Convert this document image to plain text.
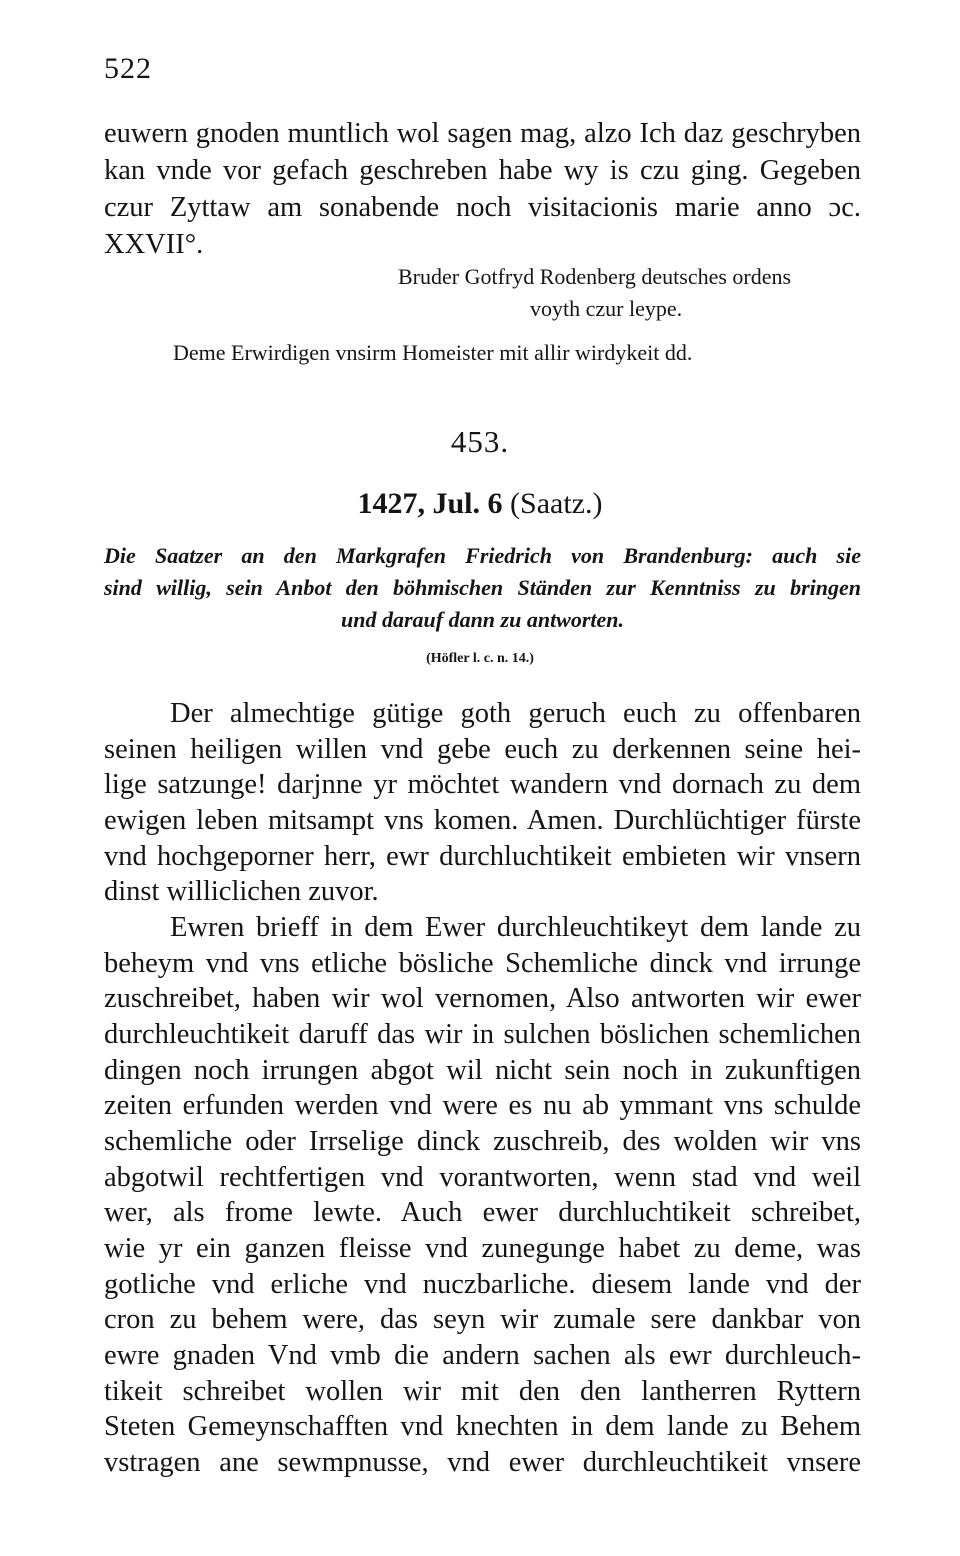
522
euwern gnoden muntlich wol sagen mag, alzo Ich daz geschryben
kan vnde vor gefach geschreben habe wy is czu ging. Gegeben
czur Zyttaw am sonabende noch visitacionis marie anno ɔc.
XXVII°.
Bruder Gotfryd Rodenberg deutsches ordens
voyth czur leype.
Deme Erwirdigen vnsirm Homeister mit allir wirdykeit dd.
453.
1427, Jul. 6 (Saatz.)
Die Saatzer an den Markgrafen Friedrich von Brandenburg: auch sie
sind willig, sein Anbot den böhmischen Ständen zur Kenntniss zu bringen
und darauf dann zu antworten.
(Höfler l. c. n. 14.)
Der almechtige gütige goth geruch euch zu offenbaren
seinen heiligen willen vnd gebe euch zu derkennen seine hei-
lige satzunge! darjnne yr möchtet wandern vnd dornach zu dem
ewigen leben mitsampt vns komen. Amen. Durchlüchtiger fürste
vnd hochgeporner herr, ewr durchluchtikeit embieten wir vnsern
dinst williclichen zuvor.
Ewren brieff in dem Ewer durchleuchtikeyt dem lande zu
beheym vnd vns etliche bösliche Schemliche dinck vnd irrunge
zuschreibet, haben wir wol vernomen, Also antworten wir ewer
durchleuchtikeit daruff das wir in sulchen böslichen schemlichen
dingen noch irrungen abgot wil nicht sein noch in zukunftigen
zeiten erfunden werden vnd were es nu ab ymmant vns schulde
schemliche oder Irrselige dinck zuschreib, des wolden wir vns
abgotwil rechtfertigen vnd vorantworten, wenn stad vnd weil
wer, als frome lewte. Auch ewer durchluchtikeit schreibet,
wie yr ein ganzen fleisse vnd zunegunge habet zu deme, was
gotliche vnd erliche vnd nuczbarliche. diesem lande vnd der
cron zu behem were, das seyn wir zumale sere dankbar von
ewre gnaden Vnd vmb die andern sachen als ewr durchleuch-
tikeit schreibet wollen wir mit den den lantherren Ryttern
Steten Gemeynschafften vnd knechten in dem lande zu Behem
vstragen ane sewmpnusse, vnd ewer durchleuchtikeit vnsere
